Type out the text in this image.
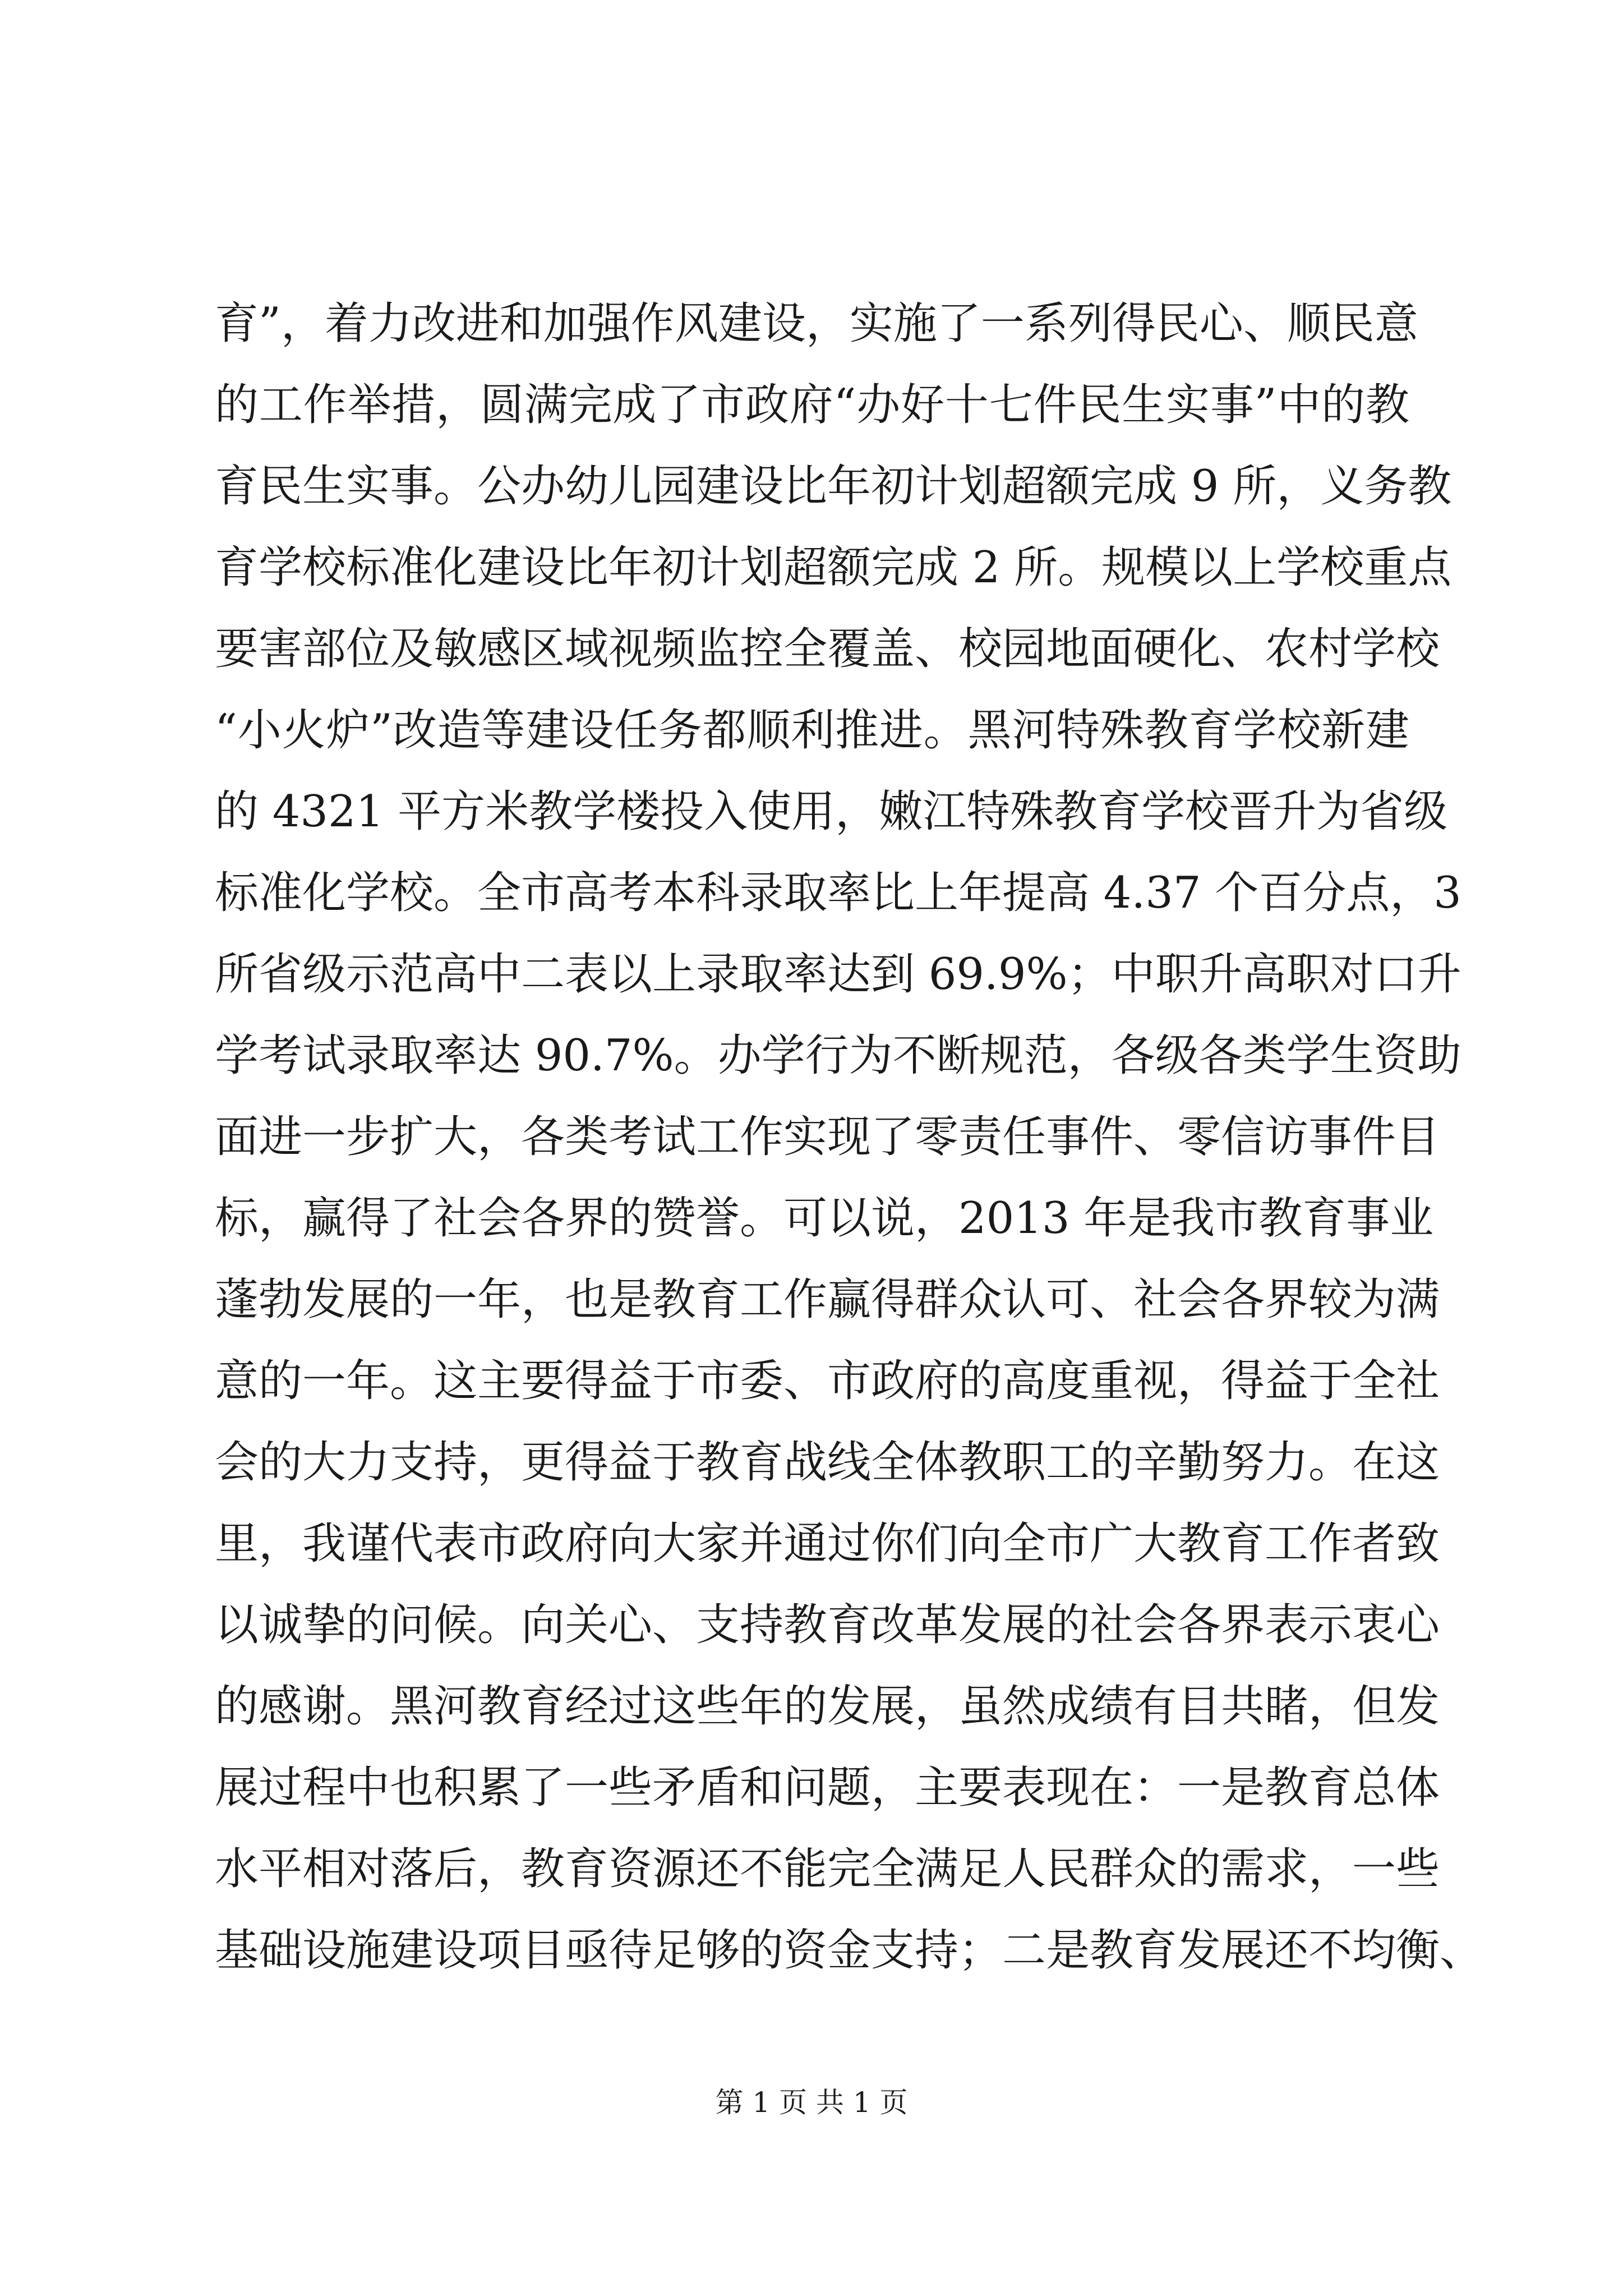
育”，着力改进和加强作风建设，实施了一系列得民心、顺民意
的工作举措，圆满完成了市政府“办好十七件民生实事”中的教
育民生实事。公办幼儿园建设比年初计划超额完成 9 所，义务教
育学校标准化建设比年初计划超额完成 2 所。规模以上学校重点
要害部位及敏感区域视频监控全覆盖、校园地面硬化、农村学校
“小火炉”改造等建设任务都顺利推进。黑河特殊教育学校新建
的 4321 平方米教学楼投入使用，嫩江特殊教育学校晋升为省级
标准化学校。全市高考本科录取率比上年提高 4.37 个百分点，3
所省级示范高中二表以上录取率达到 69.9%；中职升高职对口升
学考试录取率达 90.7%。办学行为不断规范，各级各类学生资助
面进一步扩大，各类考试工作实现了零责任事件、零信访事件目
标，赢得了社会各界的赞誉。可以说，2013 年是我市教育事业
蓬勃发展的一年，也是教育工作赢得群众认可、社会各界较为满
意的一年。这主要得益于市委、市政府的高度重视，得益于全社
会的大力支持，更得益于教育战线全体教职工的辛勤努力。在这
里，我谨代表市政府向大家并通过你们向全市广大教育工作者致
以诚挚的问候。向关心、支持教育改革发展的社会各界表示衷心
的感谢。黑河教育经过这些年的发展，虽然成绩有目共睹，但发
展过程中也积累了一些矛盾和问题，主要表现在：一是教育总体
水平相对落后，教育资源还不能完全满足人民群众的需求，一些
基础设施建设项目亟待足够的资金支持；二是教育发展还不均衡、
第 1 页 共 1 页
